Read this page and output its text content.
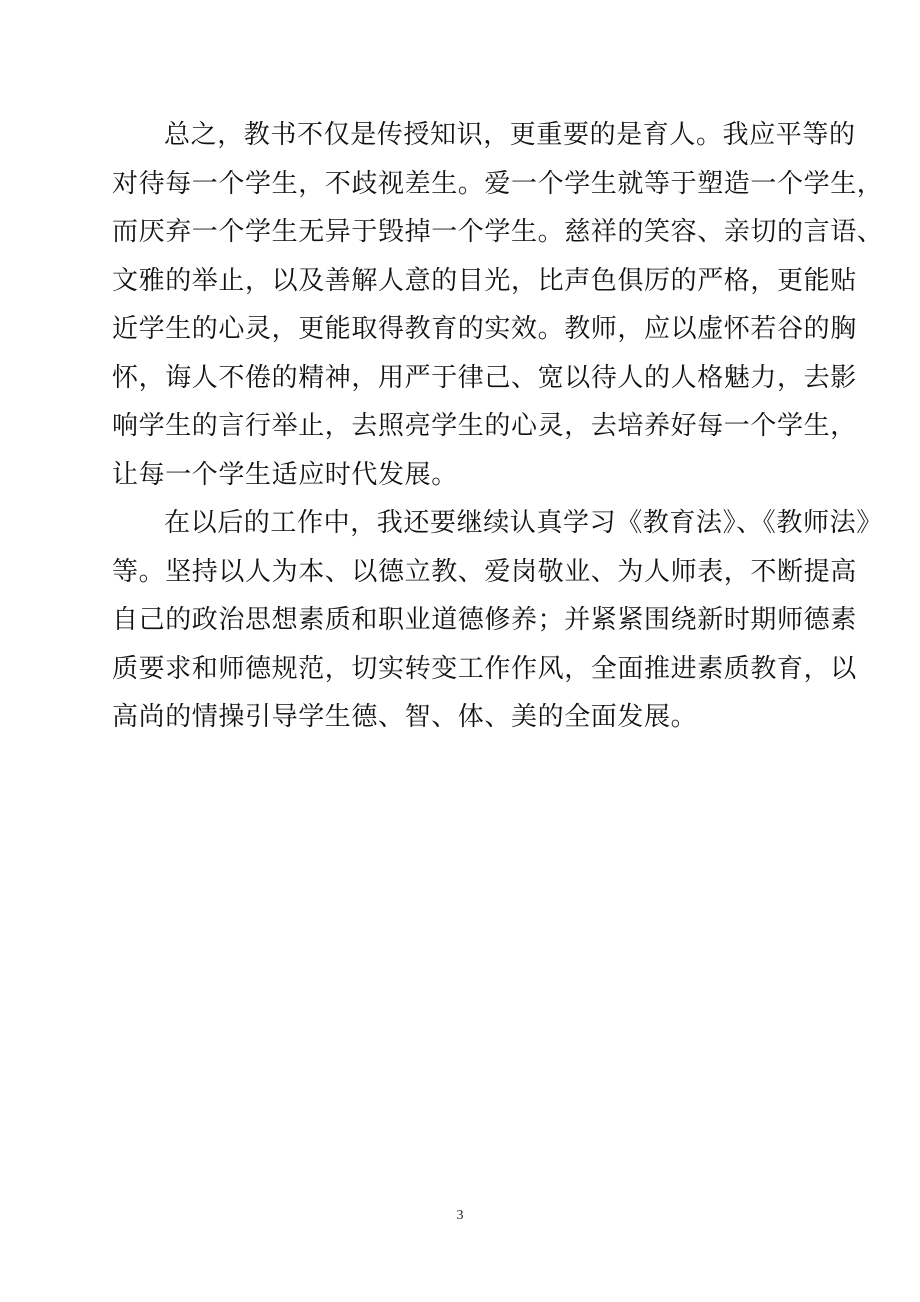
总之，教书不仅是传授知识，更重要的是育人。我应平等的
对待每一个学生，不歧视差生。爱一个学生就等于塑造一个学生，
而厌弃一个学生无异于毁掉一个学生。慈祥的笑容、亲切的言语、
文雅的举止，以及善解人意的目光，比声色俱厉的严格，更能贴
近学生的心灵，更能取得教育的实效。教师，应以虚怀若谷的胸
怀，诲人不倦的精神，用严于律己、宽以待人的人格魅力，去影
响学生的言行举止，去照亮学生的心灵，去培养好每一个学生，
让每一个学生适应时代发展。
在以后的工作中，我还要继续认真学习《教育法》、《教师法》
等。坚持以人为本、以德立教、爱岗敬业、为人师表，不断提高
自己的政治思想素质和职业道德修养；并紧紧围绕新时期师德素
质要求和师德规范，切实转变工作作风，全面推进素质教育，以
高尚的情操引导学生德、智、体、美的全面发展。
3
